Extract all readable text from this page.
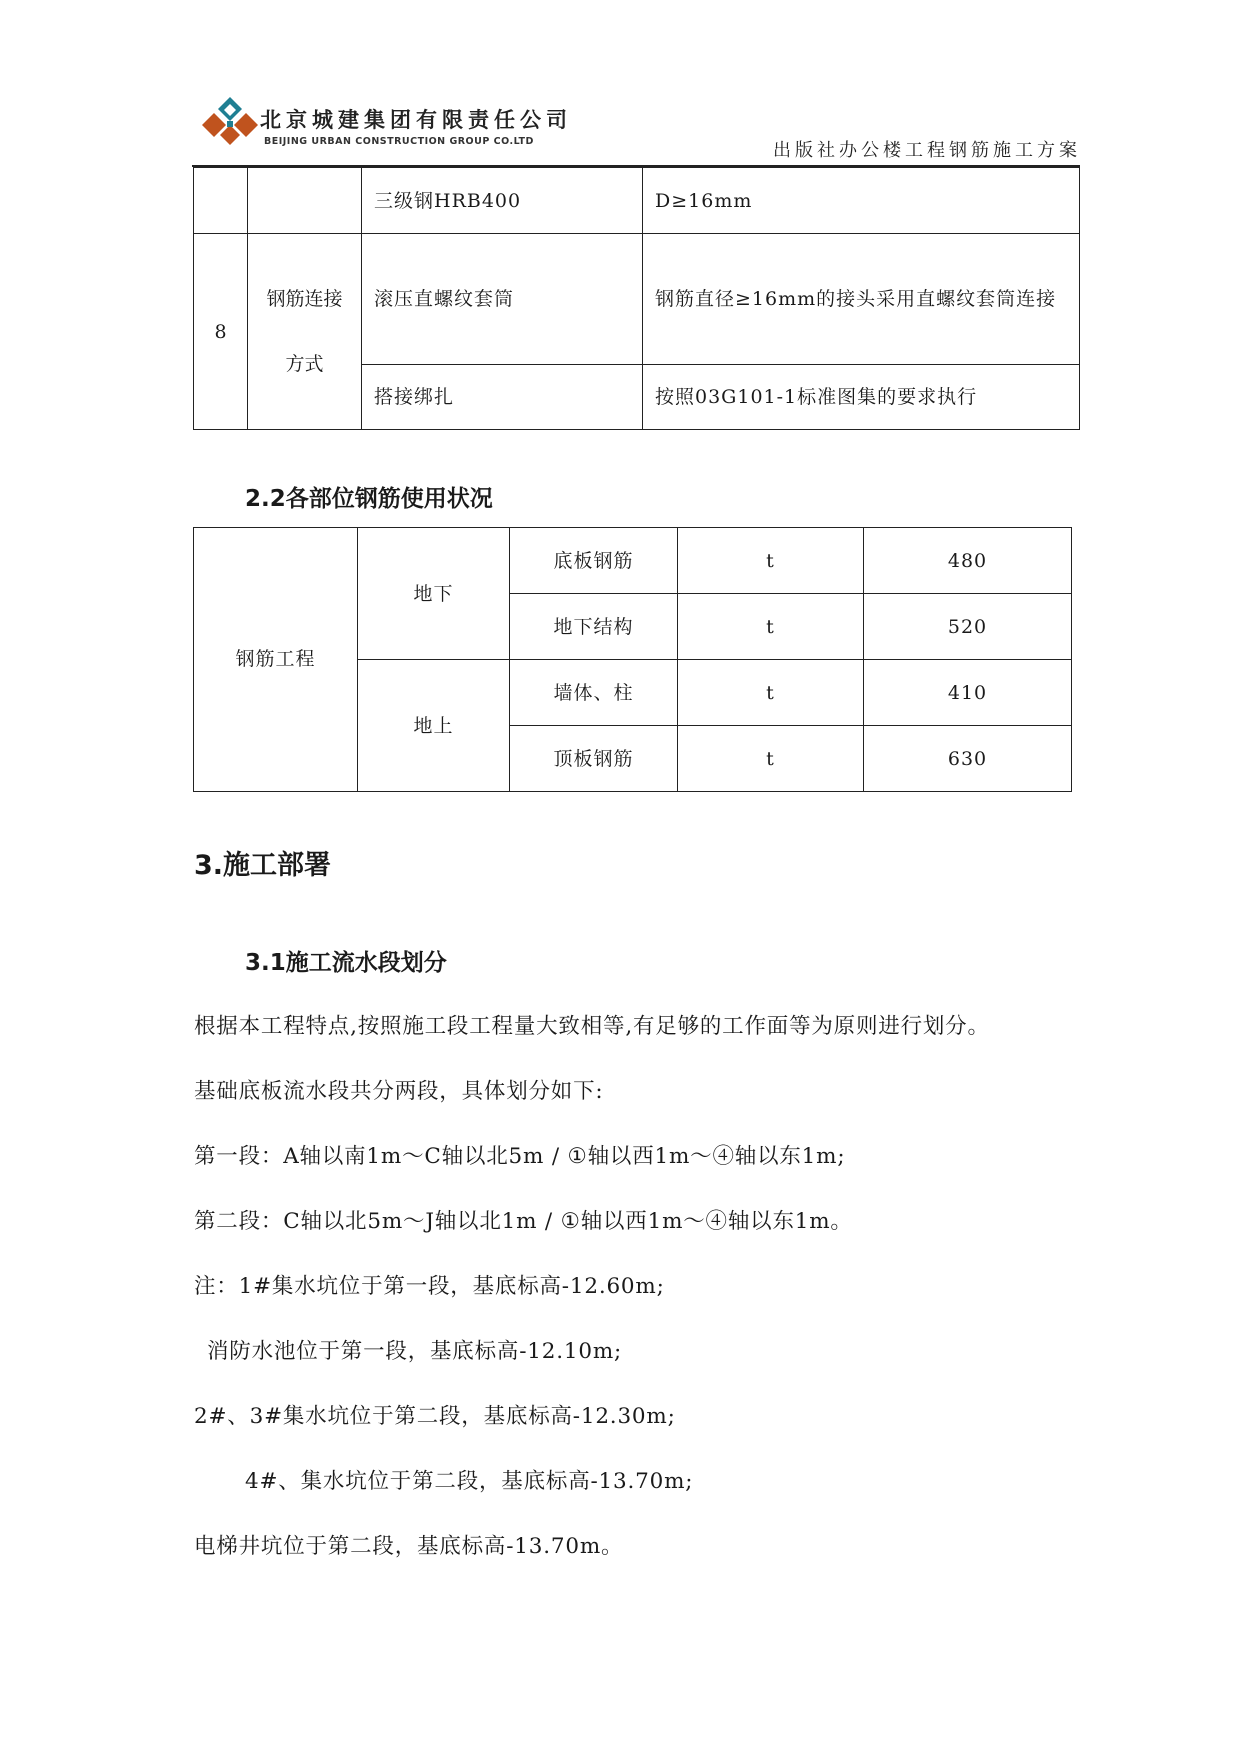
北京城建集团有限责任公司
BEIJING URBAN CONSTRUCTION GROUP CO.LTD	出版社办公楼工程钢筋施工方案
		三级钢HRB400	D≥16mm
8	钢筋连接方式	滚压直螺纹套筒	钢筋直径≥16mm的接头采用直螺纹套筒连接
		搭接绑扎	按照03G101-1标准图集的要求执行
2.2各部位钢筋使用状况
钢筋工程	地下	底板钢筋	t	480
		地下结构	t	520
	地上	墙体、柱	t	410
		顶板钢筋	t	630
3.施工部署
3.1施工流水段划分
根据本工程特点,按照施工段工程量大致相等,有足够的工作面等为原则进行划分。
基础底板流水段共分两段，具体划分如下:
第一段：A轴以南1m～C轴以北5m / ①轴以西1m～④轴以东1m;
第二段：C轴以北5m～J轴以北1m / ①轴以西1m～④轴以东1m。
注：1#集水坑位于第一段，基底标高-12.60m;
消防水池位于第一段，基底标高-12.10m;
2#、3#集水坑位于第二段，基底标高-12.30m;
4#、集水坑位于第二段，基底标高-13.70m;
电梯井坑位于第二段，基底标高-13.70m。
